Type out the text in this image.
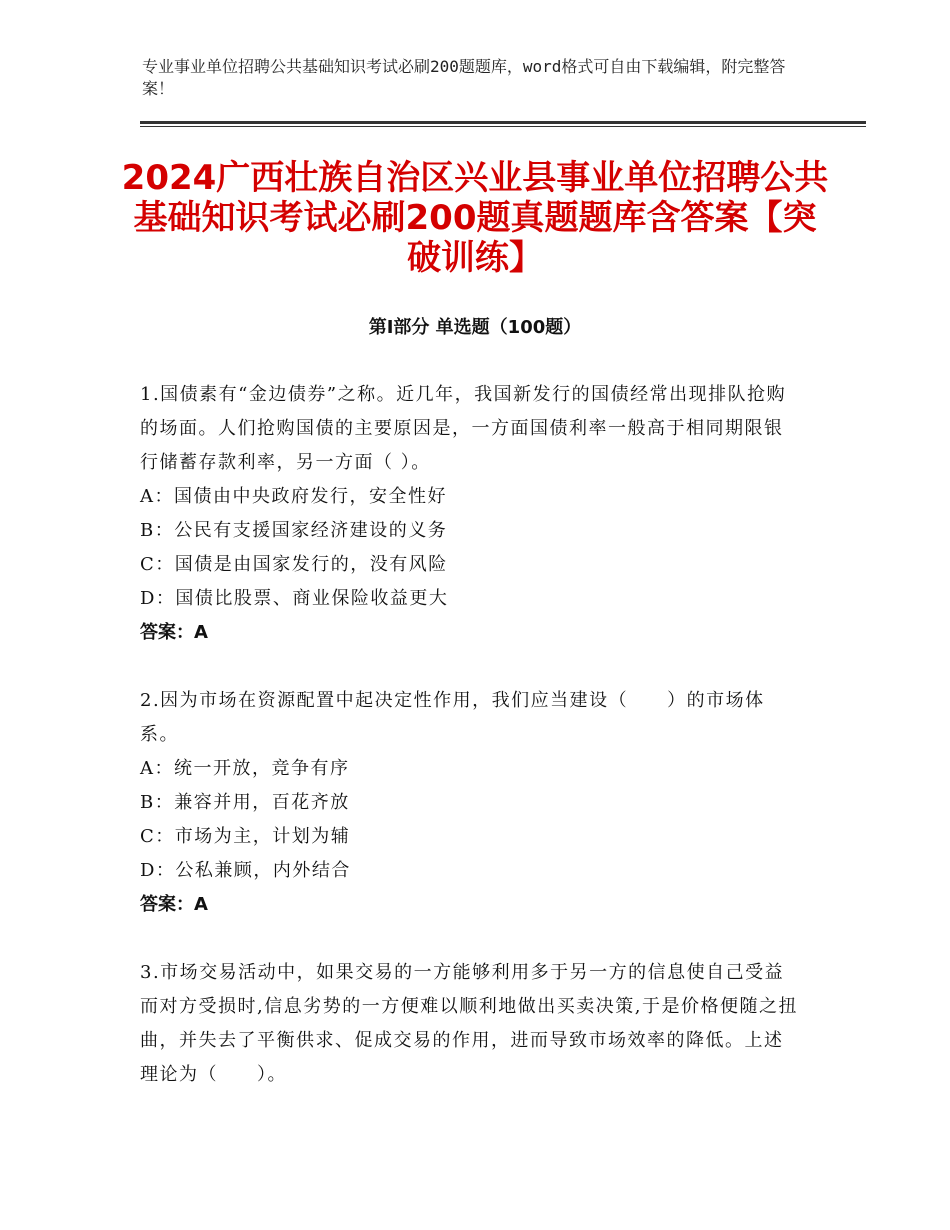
专业事业单位招聘公共基础知识考试必刷200题题库，word格式可自由下载编辑，附完整答案！
2024广西壮族自治区兴业县事业单位招聘公共基础知识考试必刷200题真题题库含答案【突破训练】
第Ⅰ部分 单选题（100题）

1.国债素有“金边债券”之称。近几年，我国新发行的国债经常出现排队抢购的场面。人们抢购国债的主要原因是，一方面国债利率一般高于相同期限银行储蓄存款利率，另一方面（ ）。

A：国债由中央政府发行，安全性好

B：公民有支援国家经济建设的义务

C：国债是由国家发行的，没有风险

D：国债比股票、商业保险收益更大

答案：A

2.因为市场在资源配置中起决定性作用，我们应当建设（　　）的市场体系。

A：统一开放，竞争有序

B：兼容并用，百花齐放

C：市场为主，计划为辅

D：公私兼顾，内外结合

答案：A

3.市场交易活动中，如果交易的一方能够利用多于另一方的信息使自己受益而对方受损时,信息劣势的一方便难以顺利地做出买卖决策,于是价格便随之扭曲，并失去了平衡供求、促成交易的作用，进而导致市场效率的降低。上述理论为（　　）。
